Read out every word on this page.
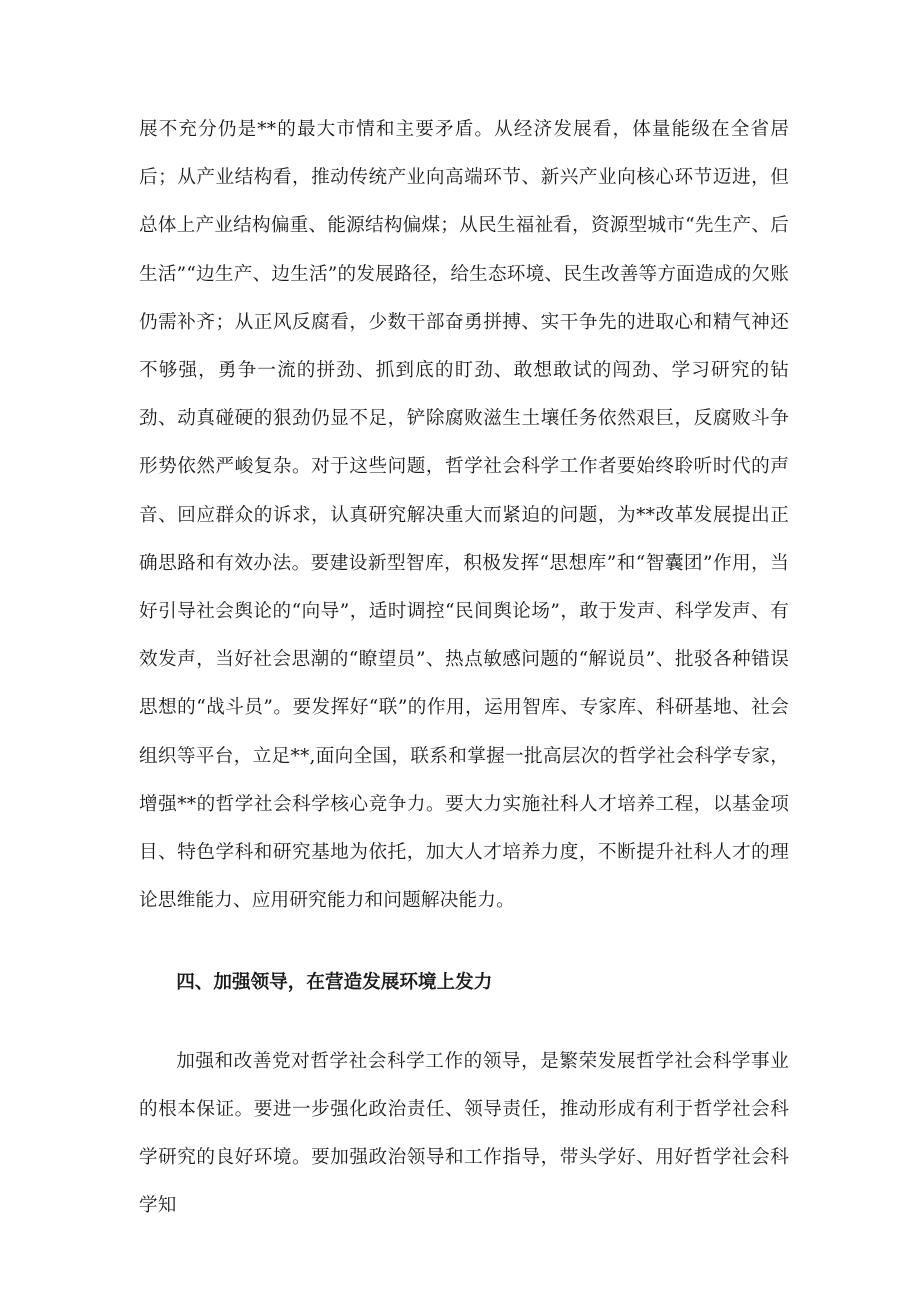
展不充分仍是**的最大市情和主要矛盾。从经济发展看，体量能级在全省居后；从产业结构看，推动传统产业向高端环节、新兴产业向核心环节迈进，但总体上产业结构偏重、能源结构偏煤；从民生福祉看，资源型城市“先生产、后生活”“边生产、边生活”的发展路径，给生态环境、民生改善等方面造成的欠账仍需补齐；从正风反腐看，少数干部奋勇拼搏、实干争先的进取心和精气神还不够强，勇争一流的拼劲、抓到底的盯劲、敢想敢试的闯劲、学习研究的钻劲、动真碰硬的狠劲仍显不足，铲除腐败滋生土壤任务依然艰巨，反腐败斗争形势依然严峻复杂。对于这些问题，哲学社会科学工作者要始终聆听时代的声音、回应群众的诉求，认真研究解决重大而紧迫的问题，为**改革发展提出正确思路和有效办法。要建设新型智库，积极发挥“思想库”和“智囊团”作用，当好引导社会舆论的“向导”，适时调控“民间舆论场”，敢于发声、科学发声、有效发声，当好社会思潮的“瞭望员”、热点敏感问题的“解说员”、批驳各种错误思想的“战斗员”。要发挥好“联”的作用，运用智库、专家库、科研基地、社会组织等平台，立足**,面向全国，联系和掌握一批高层次的哲学社会科学专家，增强**的哲学社会科学核心竞争力。要大力实施社科人才培养工程，以基金项目、特色学科和研究基地为依托，加大人才培养力度，不断提升社科人才的理论思维能力、应用研究能力和问题解决能力。

四、加强领导，在营造发展环境上发力

加强和改善党对哲学社会科学工作的领导，是繁荣发展哲学社会科学事业的根本保证。要进一步强化政治责任、领导责任，推动形成有利于哲学社会科学研究的良好环境。要加强政治领导和工作指导，带头学好、用好哲学社会科学知
